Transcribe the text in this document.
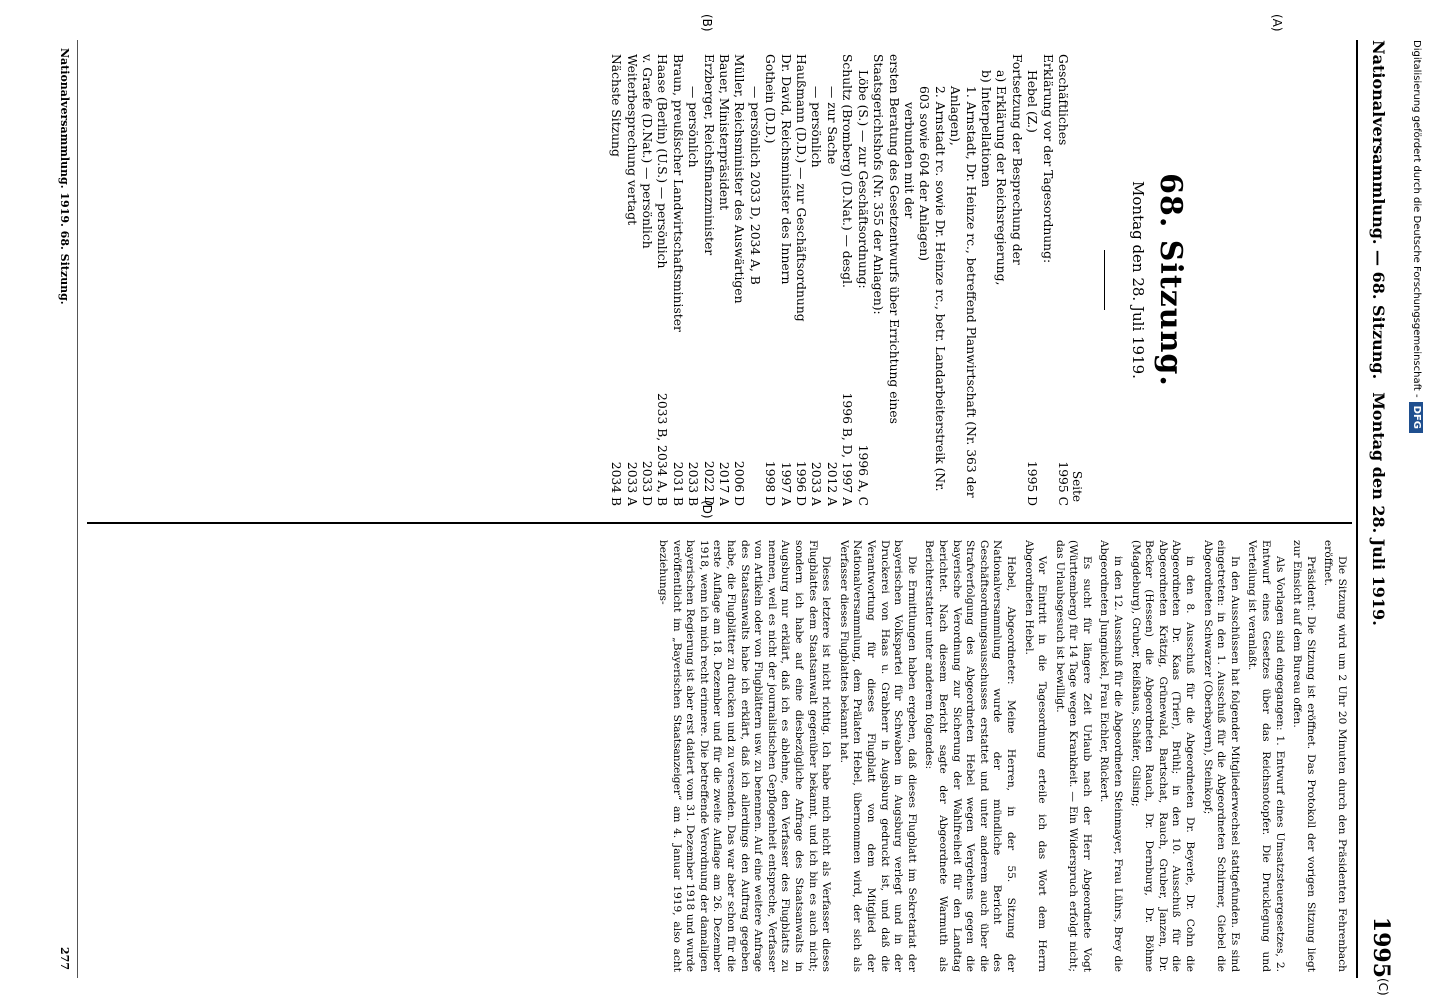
Nationalversammlung. — 68. Sitzung.
Montag den 28. Juli 1919.
1995
(A)
(B)
(C)
(D)
68. Sitzung.
Montag den 28. Juli 1919.
Seite
Geschäftliches
1995 C
Erklärung vor der Tagesordnung:
Hebel (Z.)
1995 D
Fortsetzung der Besprechung der
a) Erklärung der Reichsregierung,
b) Interpellationen
1. Arnstadt, Dr. Heinze rc., betreffend Planwirtschaft (Nr. 363 der Anlagen),
2. Arnstadt rc. sowie Dr. Heinze rc., betr. Landarbeiterstreik (Nr. 603 sowie 604 der Anlagen)
verbunden mit der
ersten Beratung des Gesetzentwurfs über Errichtung eines Staatsgerichtshofs (Nr. 355 der Anlagen):
Löbe (S.) — zur Geschäftsordnung:
1996 A, C
Schultz (Bromberg) (D.Nat.) — desgl.
1996 B, D, 1997 A
— zur Sache
2012 A
— persönlich
2033 A
Haußmann (D.D.) — zur Geschäftsordnung
1996 D
Dr. David, Reichsminister des Innern
1997 A
Gothein (D.D.)
1998 D
— persönlich 2033 D, 2034 A, B
Müller, Reichsminister des Auswärtigen
2006 D
Bauer, Ministerpräsident
2017 A
Erzberger, Reichsfinanzminister
2022 D
— persönlich
2033 B
Braun, preußischer Landwirtschaftsminister
2031 B
Haase (Berlin) (U.S.) — persönlich
2033 B, 2034 A, B
v. Graefe (D.Nat.) — persönlich
2033 D
Weiterbesprechung vertagt
2033 A
Nächste Sitzung
2034 B

Die Sitzung wird um 2 Uhr 20 Minuten durch den Präsidenten Fehrenbach eröffnet.

Präsident: Die Sitzung ist eröffnet. Das Protokoll der vorigen Sitzung liegt zur Einsicht auf dem Bureau offen.

Als Vorlagen sind eingegangen: 1. Entwurf eines Umsatzsteuergesetzes, 2. Entwurf eines Gesetzes über das Reichsnotopfer. Die Drucklegung und Verteilung ist veranlaßt.

In den Ausschüssen hat folgender Mitgliederwechsel stattgefunden. Es sind eingetreten: in den 1. Ausschuß für die Abgeordneten Schirmer, Giebel die Abgeordneten Schwarzer (Oberbayern), Steinkopf;

in den 8. Ausschuß für die Abgeordneten Dr. Beyerle, Dr. Cohn die Abgeordneten Dr. Kaas (Trier), Brühl; in den 10. Ausschuß für die Abgeordneten Krätzig, Grünewald, Bartschat, Rauch, Gruber, Janzen, Dr. Becker (Hessen) die Abgeordneten Rauch, Dr. Dernburg, Dr. Böhme (Magdeburg), Gruber, Reißhaus, Schäfer, Gilsing;

in den 12. Ausschuß für die Abgeordneten Steinmayer, Frau Lührs, Brey die Abgeordneten Jungnickel, Frau Eichler, Rückert.

Es sucht für längere Zeit Urlaub nach der Herr Abgeordnete Vogt (Württemberg) für 14 Tage wegen Krankheit. — Ein Widerspruch erfolgt nicht; das Urlaubsgesuch ist bewilligt.

Vor Eintritt in die Tagesordnung erteile ich das Wort dem Herrn Abgeordneten Hebel.

Hebel, Abgeordneter: Meine Herren, in der 55. Sitzung der Nationalversammlung wurde der mündliche Bericht des Geschäftsordnungsausschusses erstattet und unter anderem auch über die Strafverfolgung des Abgeordneten Hebel wegen Vergehens gegen die bayerische Verordnung zur Sicherung der Wahlfreiheit für den Landtag berichtet. Nach diesem Bericht sagte der Abgeordnete Warmuth als Berichterstatter unter anderem folgendes:

Die Ermittlungen haben ergeben, daß dieses Flugblatt im Sekretariat der bayerischen Volkspartei für Schwaben in Augsburg verlegt und in der Druckerei von Haas u. Grabherr in Augsburg gedruckt ist, und daß die Verantwortung für dieses Flugblatt von dem Mitglied der Nationalversammlung, dem Prälaten Hebel, übernommen wird, der sich als Verfasser dieses Flugblattes bekannt hat.

Dieses letztere ist nicht richtig. Ich habe mich nicht als Verfasser dieses Flugblattes dem Staatsanwalt gegenüber bekannt, und ich bin es auch nicht; sondern ich habe auf eine diesbezügliche Anfrage des Staatsanwalts in Augsburg nur erklärt, daß ich es ablehne, den Verfasser des Flugblatts zu nennen, weil es nicht der journalistischen Gepflogenheit entspreche, Verfasser von Artikeln oder von Flugblättern usw. zu benennen. Auf eine weitere Anfrage des Staatsanwalts habe ich erklärt, daß ich allerdings den Auftrag gegeben habe, die Flugblätter zu drucken und zu versenden. Das war aber schon für die erste Auflage am 18. Dezember und für die zweite Auflage am 26. Dezember 1918, wenn ich mich recht erinnere. Die betreffende Verordnung der damaligen bayerischen Regierung ist aber erst datiert vom 31. Dezember 1918 und wurde veröffentlicht im „Bayerischen Staatsanzeiger“ am 4. Januar 1919, also acht beziehungs-

Nationalversammlung. 1919. 68. Sitzung.
277
Digitalisierung gefördert durch die Deutsche Forschungsgemeinschaft -DFG
